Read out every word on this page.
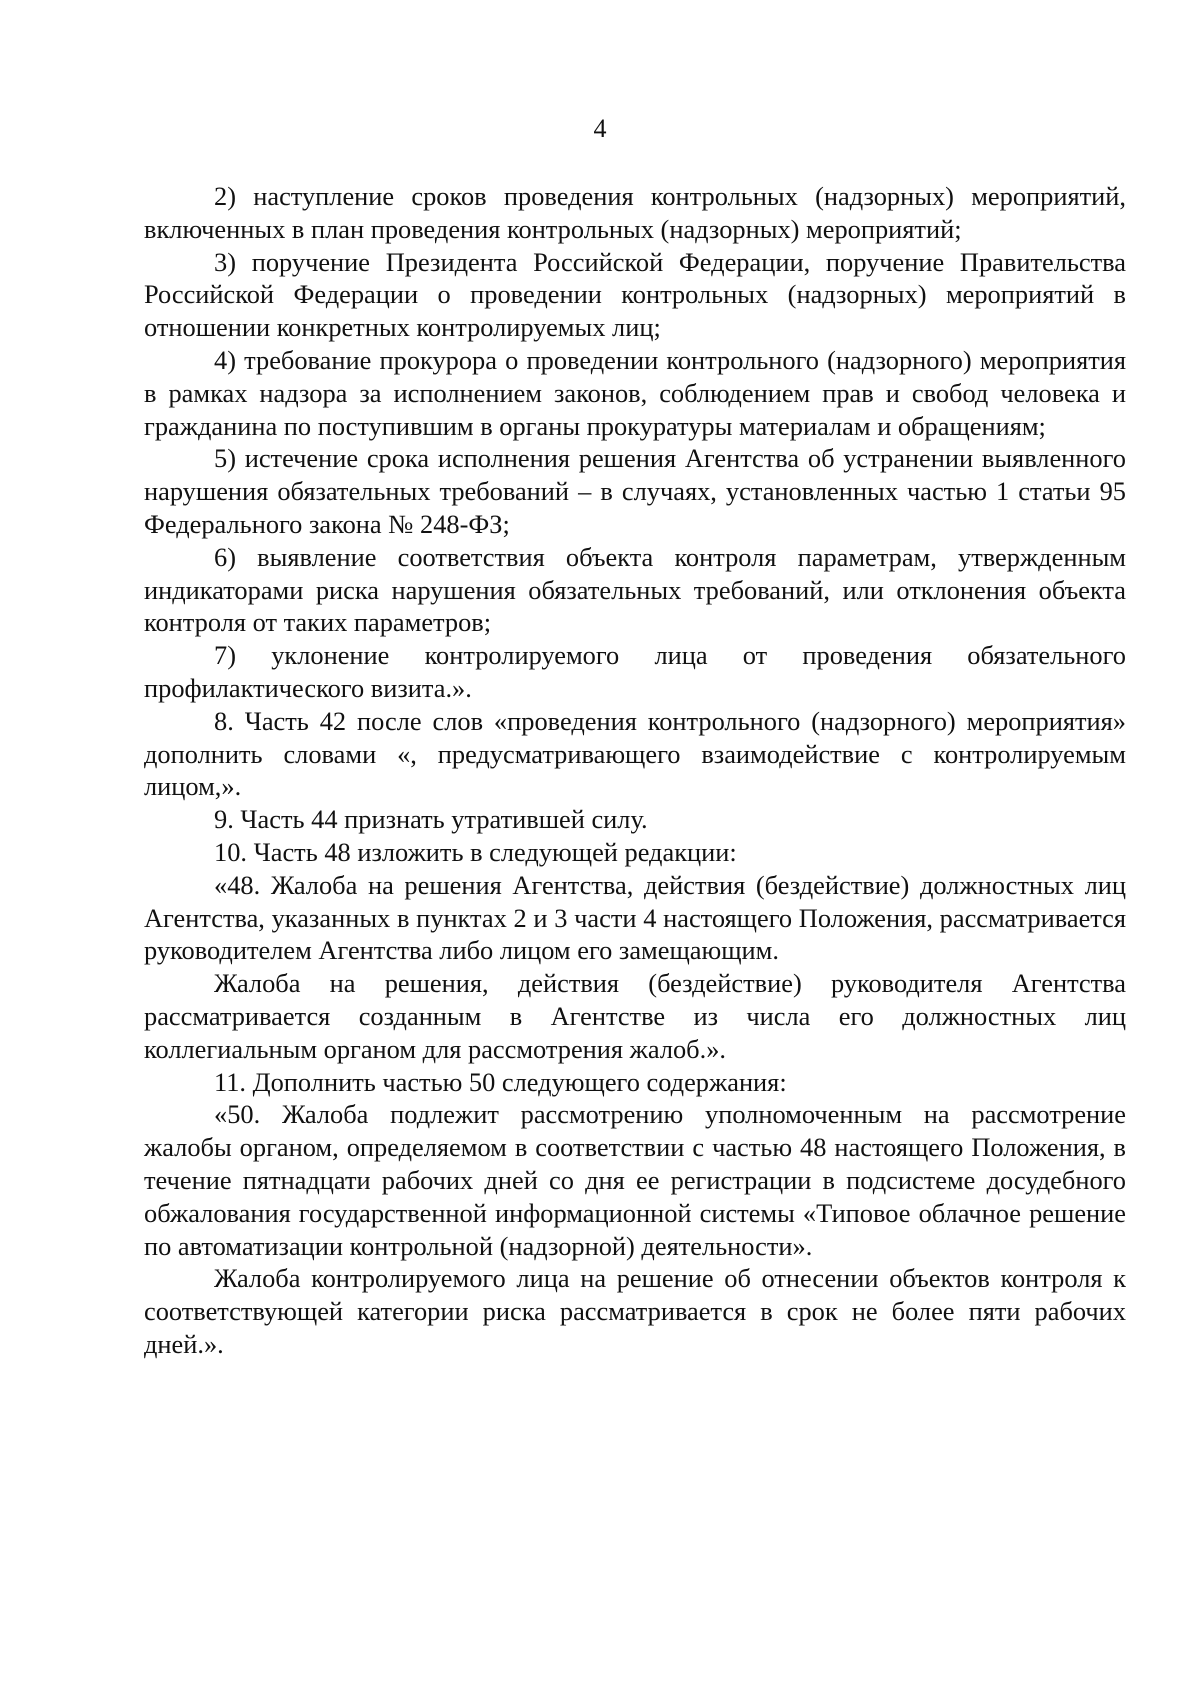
4

2) наступление сроков проведения контрольных (надзорных) мероприятий, включенных в план проведения контрольных (надзорных) мероприятий;

3) поручение Президента Российской Федерации, поручение Правительства Российской Федерации о проведении контрольных (надзорных) мероприятий в отношении конкретных контролируемых лиц;

4) требование прокурора о проведении контрольного (надзорного) мероприятия в рамках надзора за исполнением законов, соблюдением прав и свобод человека и гражданина по поступившим в органы прокуратуры материалам и обращениям;

5) истечение срока исполнения решения Агентства об устранении выявленного нарушения обязательных требований – в случаях, установленных частью 1 статьи 95 Федерального закона № 248-ФЗ;

6) выявление соответствия объекта контроля параметрам, утвержденным индикаторами риска нарушения обязательных требований, или отклонения объекта контроля от таких параметров;

7) уклонение контролируемого лица от проведения обязательного профилактического визита.».

8. Часть 42 после слов «проведения контрольного (надзорного) мероприятия» дополнить словами «, предусматривающего взаимодействие с контролируемым лицом,».

9. Часть 44 признать утратившей силу.

10. Часть 48 изложить в следующей редакции:

«48. Жалоба на решения Агентства, действия (бездействие) должностных лиц Агентства, указанных в пунктах 2 и 3 части 4 настоящего Положения, рассматривается руководителем Агентства либо лицом его замещающим.

Жалоба на решения, действия (бездействие) руководителя Агентства рассматривается созданным в Агентстве из числа его должностных лиц коллегиальным органом для рассмотрения жалоб.».

11. Дополнить частью 50 следующего содержания:

«50. Жалоба подлежит рассмотрению уполномоченным на рассмотрение жалобы органом, определяемом в соответствии с частью 48 настоящего Положения, в течение пятнадцати рабочих дней со дня ее регистрации в подсистеме досудебного обжалования государственной информационной системы «Типовое облачное решение по автоматизации контрольной (надзорной) деятельности».

Жалоба контролируемого лица на решение об отнесении объектов контроля к соответствующей категории риска рассматривается в срок не более пяти рабочих дней.».
